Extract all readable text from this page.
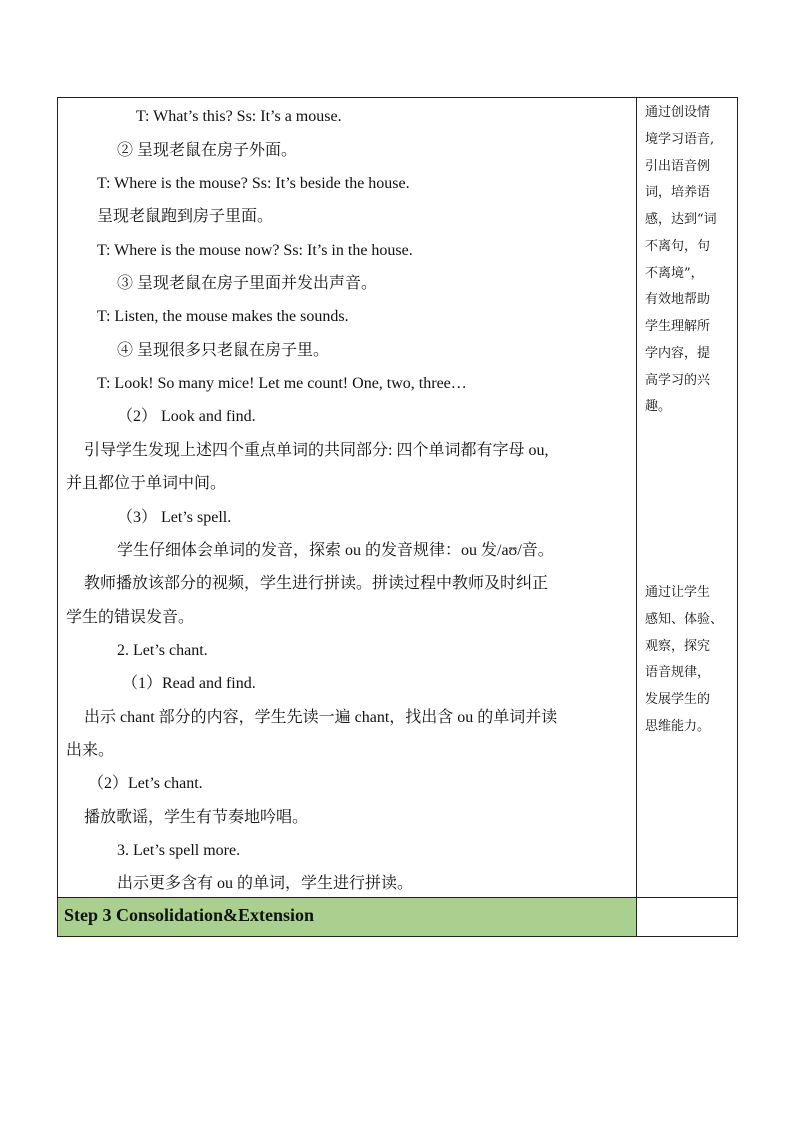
Step 3 Consolidation&Extension
T: What’s this? Ss: It’s a mouse.
② 呈现老鼠在房子外面。
T: Where is the mouse? Ss: It’s beside the house.
呈现老鼠跑到房子里面。
T: Where is the mouse now? Ss: It’s in the house.
③ 呈现老鼠在房子里面并发出声音。
T: Listen, the mouse makes the sounds.
④ 呈现很多只老鼠在房子里。
T: Look! So many mice! Let me count! One, two, three…
（2） Look and find.
引导学生发现上述四个重点单词的共同部分: 四个单词都有字母 ou,
并且都位于单词中间。
（3） Let’s spell.
学生仔细体会单词的发音，探索 ou 的发音规律：ou 发/aʊ/音。
教师播放该部分的视频，学生进行拼读。拼读过程中教师及时纠正
学生的错误发音。
2. Let’s chant.
（1）Read and find.
出示 chant 部分的内容，学生先读一遍 chant，找出含 ou 的单词并读
出来。
（2）Let’s chant.
播放歌谣，学生有节奏地吟唱。
3. Let’s spell more.
出示更多含有 ou 的单词，学生进行拼读。
通过创设情
境学习语音,
引出语音例
词，培养语
感，达到“词
不离句，句
不离境”，
有效地帮助
学生理解所
学内容，提
高学习的兴
趣。
通过让学生
感知、体验、
观察，探究
语音规律，
发展学生的
思维能力。
